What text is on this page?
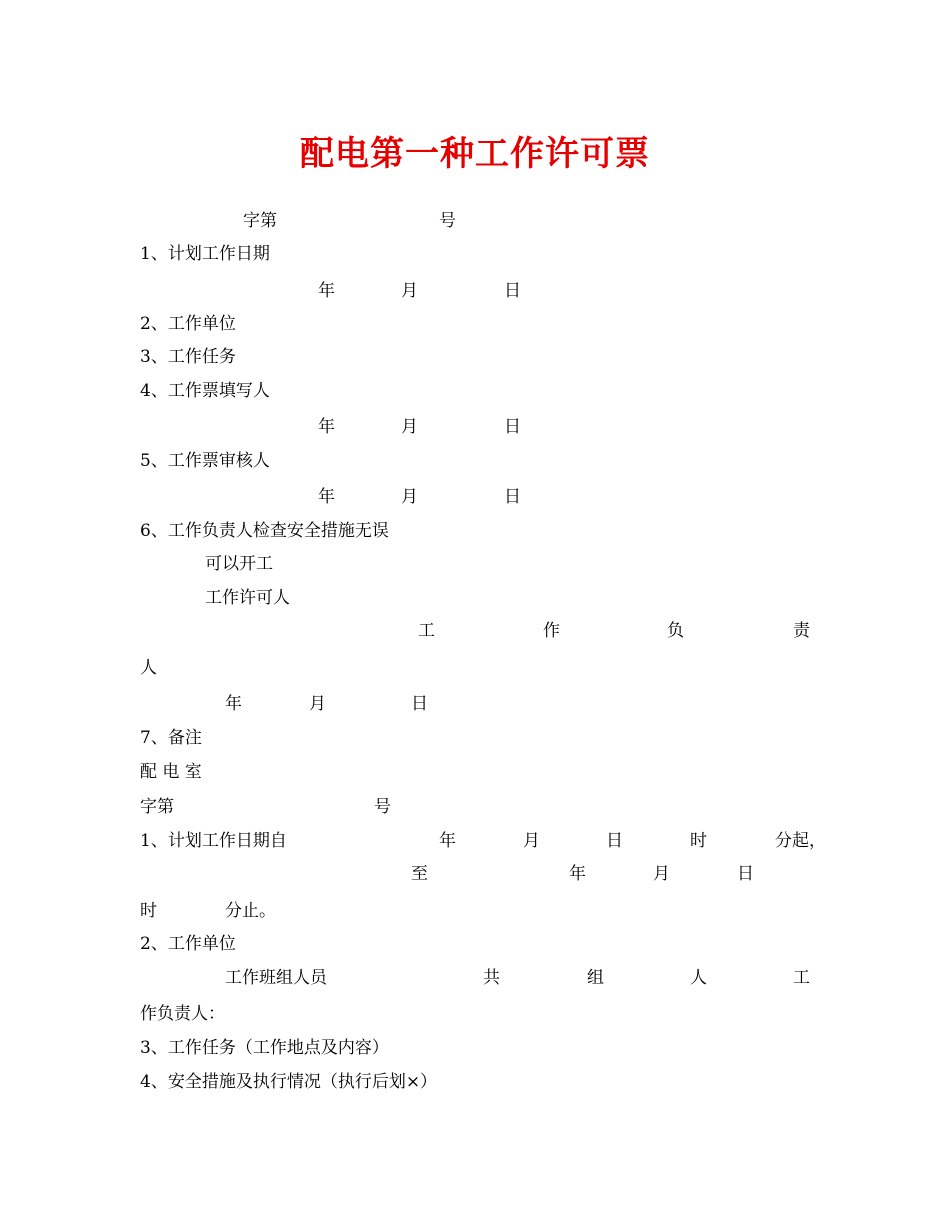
配电第一种工作许可票
字第	号
1、计划工作日期
年	月	日
2、工作单位
3、工作任务
4、工作票填写人
年	月	日
5、工作票审核人
年	月	日
6、工作负责人检查安全措施无误
可以开工
工作许可人
工	作	负	责
人
年	月	日
7、备注
配 电 室
字第	号
1、计划工作日期自	年	月	日	时	分起，
至	年	月	日
时	分止。
2、工作单位
工作班组人员	共	组	人	工
作负责人：
3、工作任务（工作地点及内容）
4、安全措施及执行情况（执行后划×）
